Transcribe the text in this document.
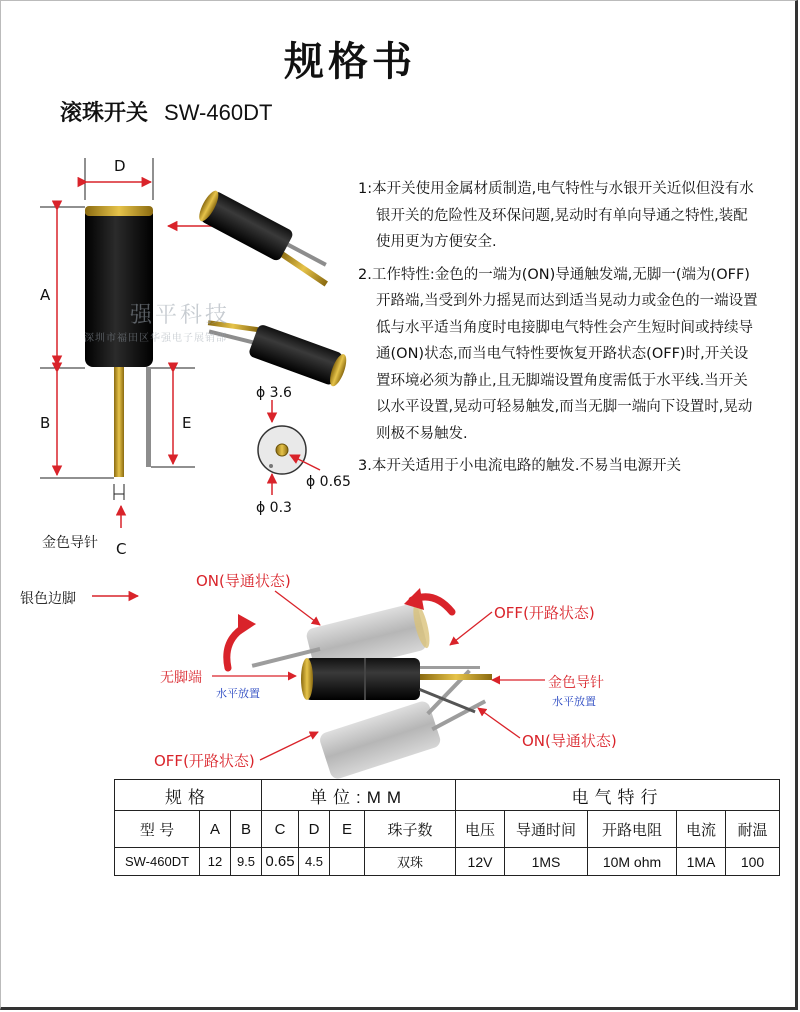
规格书
滚珠开关 SW-460DT
D
A
B	E
C
ϕ 3.6
ϕ 0.65
ϕ 0.3
金色导针
银色边脚
ON(导通状态)
OFF(开路状态)
无脚端
水平放置
金色导针
水平放置
ON(导通状态)
OFF(开路状态)
强平科技
深圳市福田区华强电子展销部

1:本开关使用金属材质制造,电气特性与水银开关近似但没有水银开关的危险性及环保问题,晃动时有单向导通之特性,装配使用更为方便安全.

2.工作特性:金色的一端为(ON)导通触发端,无脚一(端为(OFF)开路端,当受到外力摇晃而达到适当晃动力或金色的一端设置低与水平适当角度时电接脚电气特性会产生短时间或持续导通(ON)状态,而当电气特性要恢复开路状态(OFF)时,开关设置环境必须为静止,且无脚端设置角度需低于水平线.当开关以水平设置,晃动可轻易触发,而当无脚一端向下设置时,晃动则极不易触发.

3.本开关适用于小电流电路的触发.不易当电源开关

规格			单位:MM				电气特行				
型 号	A	B	C	D	E	珠子数	电压	导通时间	开路电阻	电流	耐温
SW-460DT	12	9.5	0.65	4.5		双珠	12V	1MS	10M ohm	1MA	100
